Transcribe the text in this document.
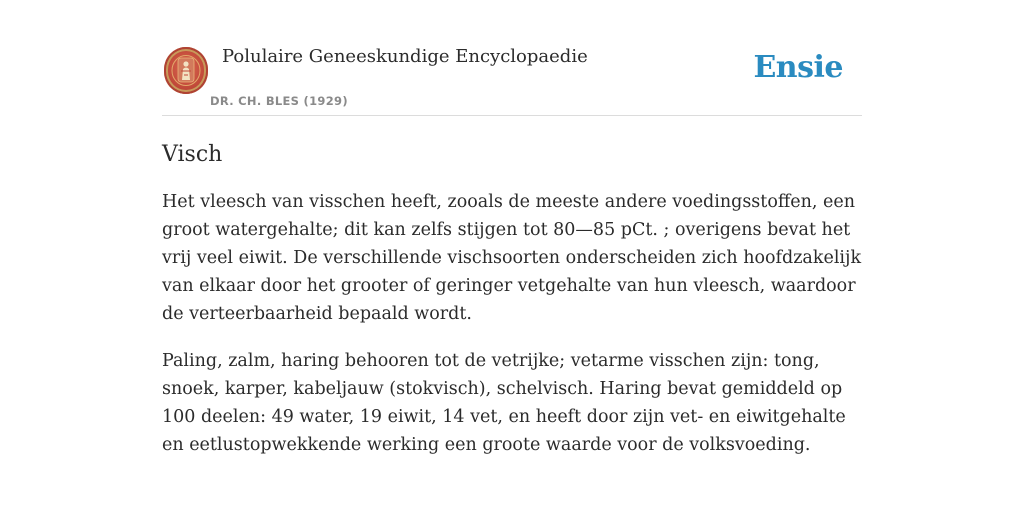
Polulaire Geneeskundige Encyclopaedie
DR. CH. BLES (1929)
Ensie
Visch

Het vleesch van visschen heeft, zooals de meeste andere voedingsstoffen, een groot watergehalte; dit kan zelfs stijgen tot 80—85 pCt. ; overigens bevat het vrij veel eiwit. De verschillende vischsoorten onderscheiden zich hoofdzakelijk van elkaar door het grooter of geringer vetgehalte van hun vleesch, waardoor de verteerbaarheid bepaald wordt.

Paling, zalm, haring behooren tot de vetrijke; vetarme visschen zijn: tong, snoek, karper, kabeljauw (stokvisch), schelvisch. Haring bevat gemiddeld op 100 deelen: 49 water, 19 eiwit, 14 vet, en heeft door zijn vet- en eiwitgehalte en eetlustopwekkende werking een groote waarde voor de volksvoeding.
